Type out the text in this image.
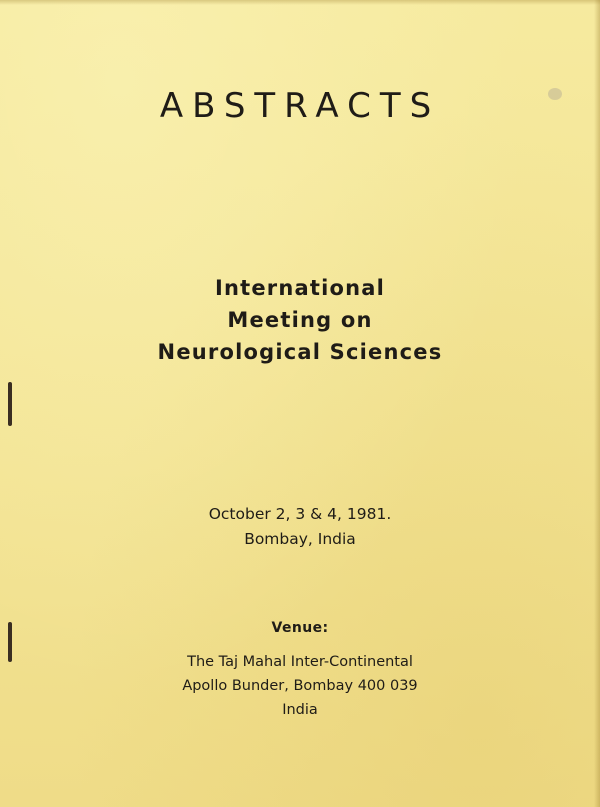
ABSTRACTS
International
Meeting on
Neurological Sciences
October 2, 3 & 4, 1981.
Bombay, India
Venue:
The Taj Mahal Inter-Continental
Apollo Bunder, Bombay 400 039
India
